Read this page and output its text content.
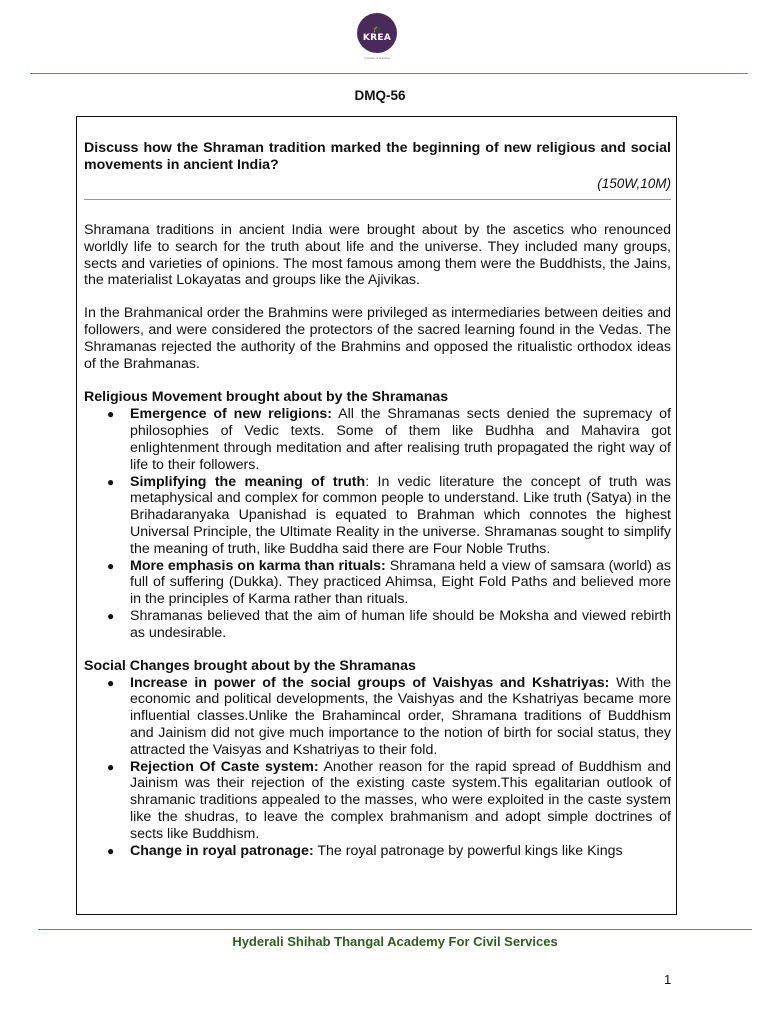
🎓
KREA
Institute of learning
DMQ-56
Discuss how the Shraman tradition marked the beginning of new religious and social movements in ancient India?
(150W,10M)

Shramana traditions in ancient India were brought about by the ascetics who renounced worldly life to search for the truth about life and the universe. They included many groups, sects and varieties of opinions. The most famous among them were the Buddhists, the Jains, the materialist Lokayatas and groups like the Ajivikas.

In the Brahmanical order the Brahmins were privileged as intermediaries between deities and followers, and were considered the protectors of the sacred learning found in the Vedas. The Shramanas rejected the authority of the Brahmins and opposed the ritualistic orthodox ideas of the Brahmanas.

Religious Movement brought about by the Shramanas
● Emergence of new religions: All the Shramanas sects denied the supremacy of philosophies of Vedic texts. Some of them like Budhha and Mahavira got enlightenment through meditation and after realising truth propagated the right way of life to their followers.
● Simplifying the meaning of truth: In vedic literature the concept of truth was metaphysical and complex for common people to understand. Like truth (Satya) in the Brihadaranyaka Upanishad is equated to Brahman which connotes the highest Universal Principle, the Ultimate Reality in the universe. Shramanas sought to simplify the meaning of truth, like Buddha said there are Four Noble Truths.
● More emphasis on karma than rituals: Shramana held a view of samsara (world) as full of suffering (Dukka). They practiced Ahimsa, Eight Fold Paths and believed more in the principles of Karma rather than rituals.
● Shramanas believed that the aim of human life should be Moksha and viewed rebirth as undesirable.
Social Changes brought about by the Shramanas
● Increase in power of the social groups of Vaishyas and Kshatriyas: With the economic and political developments, the Vaishyas and the Kshatriyas became more influential classes.Unlike the Brahamincal order, Shramana traditions of Buddhism and Jainism did not give much importance to the notion of birth for social status, they attracted the Vaisyas and Kshatriyas to their fold.
● Rejection Of Caste system: Another reason for the rapid spread of Buddhism and Jainism was their rejection of the existing caste system.This egalitarian outlook of shramanic traditions appealed to the masses, who were exploited in the caste system like the shudras, to leave the complex brahmanism and adopt simple doctrines of sects like Buddhism.
● Change in royal patronage: The royal patronage by powerful kings like Kings
Hyderali Shihab Thangal Academy For Civil Services
1
